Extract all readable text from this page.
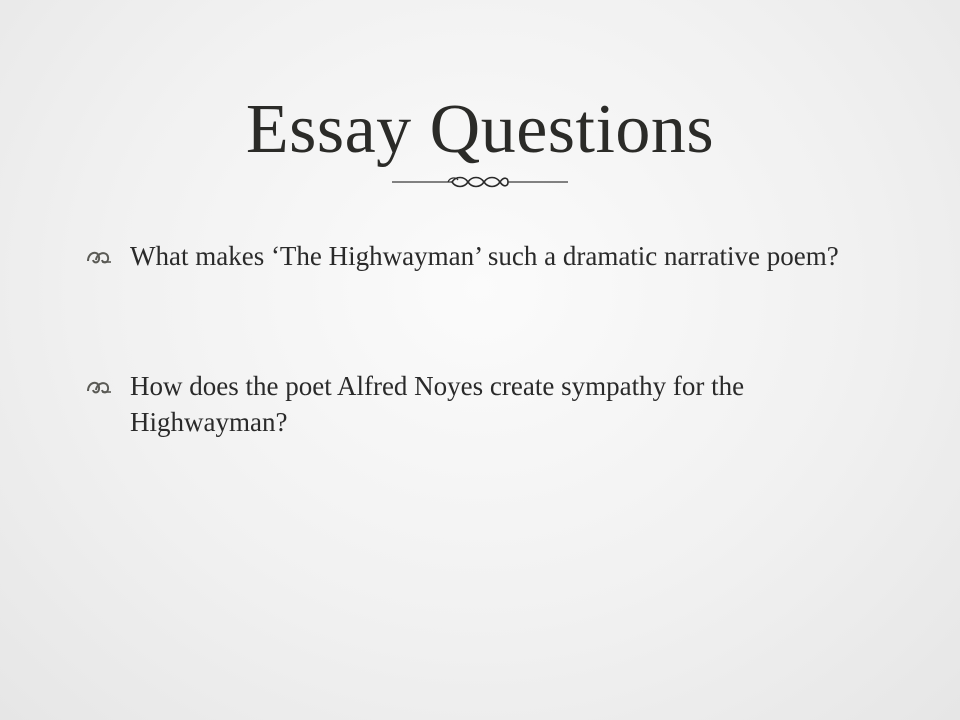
Essay Questions
What makes ‘The Highwayman’ such a dramatic narrative poem?
How does the poet Alfred Noyes create sympathy for the Highwayman?
